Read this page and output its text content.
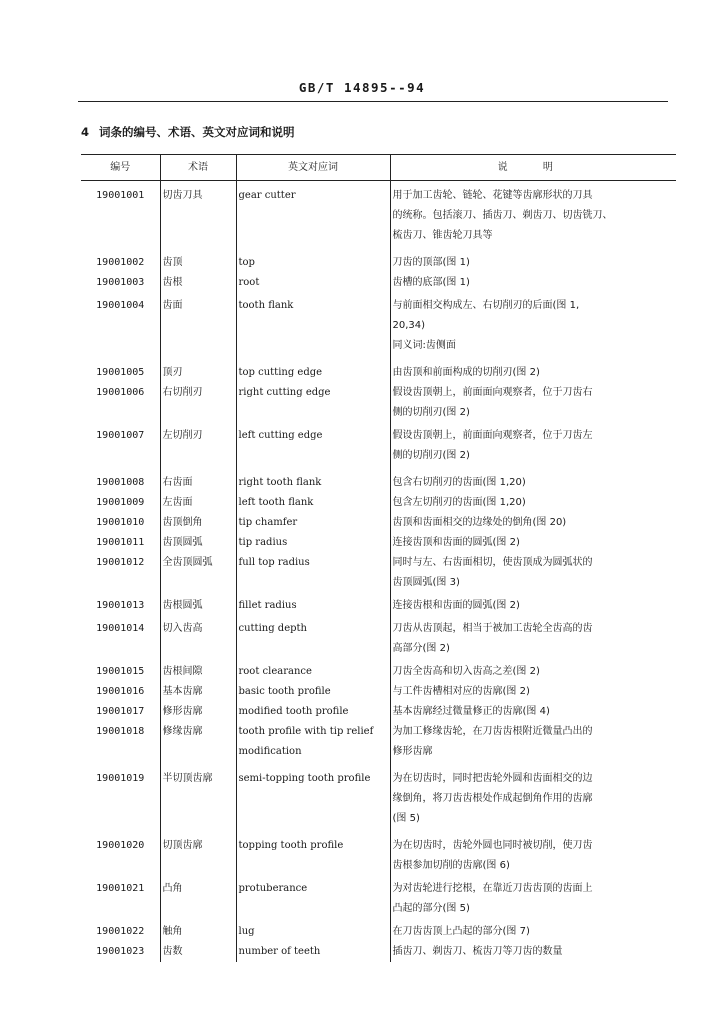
GB/T 14895--94
4 词条的编号、术语、英文对应词和说明
编号	术语	英文对应词	说 明
19001001	切齿刀具	gear cutter	用于加工齿轮、链轮、花键等齿廓形状的刀具
的统称。包括滚刀、插齿刀、剃齿刀、切齿铣刀、
梳齿刀、锥齿轮刀具等

19001002	齿顶	top	刀齿的顶部(图 1)

19001003	齿根	root	齿槽的底部(图 1)

19001004	齿面	tooth flank	与前面相交构成左、右切削刃的后面(图 1,
20,34)
同义词:齿侧面

19001005	顶刃	top cutting edge	由齿顶和前面构成的切削刃(图 2)

19001006	右切削刃	right cutting edge	假设齿顶朝上，前面面向观察者，位于刀齿右
侧的切削刃(图 2)

19001007	左切削刃	left cutting edge	假设齿顶朝上，前面面向观察者，位于刀齿左
侧的切削刃(图 2)

19001008	右齿面	right tooth flank	包含右切削刃的齿面(图 1,20)

19001009	左齿面	left tooth flank	包含左切削刃的齿面(图 1,20)

19001010	齿顶倒角	tip chamfer	齿顶和齿面相交的边缘处的倒角(图 20)

19001011	齿顶圆弧	tip radius	连接齿顶和齿面的圆弧(图 2)

19001012	全齿顶圆弧	full top radius	同时与左、右齿面相切，使齿顶成为圆弧状的
齿顶圆弧(图 3)

19001013	齿根圆弧	fillet radius	连接齿根和齿面的圆弧(图 2)

19001014	切入齿高	cutting depth	刀齿从齿顶起，相当于被加工齿轮全齿高的齿
高部分(图 2)

19001015	齿根间隙	root clearance	刀齿全齿高和切入齿高之差(图 2)

19001016	基本齿廓	basic tooth profile	与工件齿槽相对应的齿廓(图 2)

19001017	修形齿廓	modified tooth profile	基本齿廓经过微量修正的齿廓(图 4)

19001018	修缘齿廓	tooth profile with tip relief modification	为加工修缘齿轮，在刀齿齿根附近微量凸出的
修形齿廓

19001019	半切顶齿廓	semi-topping tooth profile	为在切齿时，同时把齿轮外圆和齿面相交的边
缘倒角，将刀齿齿根处作成起倒角作用的齿廓
(图 5)

19001020	切顶齿廓	topping tooth profile	为在切齿时，齿轮外圆也同时被切削，使刀齿
齿根参加切削的齿廓(图 6)

19001021	凸角	protuberance	为对齿轮进行挖根，在靠近刀齿齿顶的齿面上
凸起的部分(图 5)

19001022	触角	lug	在刀齿齿顶上凸起的部分(图 7)

19001023	齿数	number of teeth	插齿刀、剃齿刀、梳齿刀等刀齿的数量
